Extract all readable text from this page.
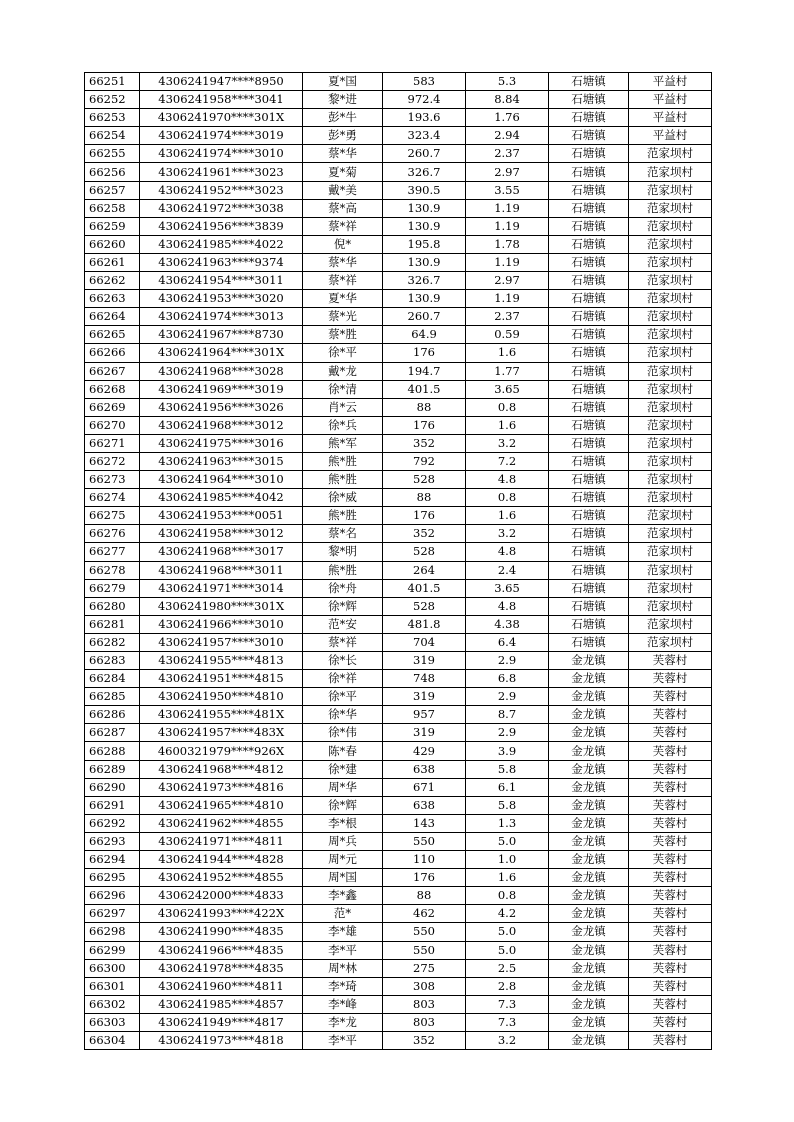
66251	4306241947****8950	夏*国	583	5.3	石塘镇	平益村
66252	4306241958****3041	黎*进	972.4	8.84	石塘镇	平益村
66253	4306241970****301X	彭*牛	193.6	1.76	石塘镇	平益村
66254	4306241974****3019	彭*勇	323.4	2.94	石塘镇	平益村
66255	4306241974****3010	蔡*华	260.7	2.37	石塘镇	范家坝村
66256	4306241961****3023	夏*菊	326.7	2.97	石塘镇	范家坝村
66257	4306241952****3023	戴*美	390.5	3.55	石塘镇	范家坝村
66258	4306241972****3038	蔡*高	130.9	1.19	石塘镇	范家坝村
66259	4306241956****3839	蔡*祥	130.9	1.19	石塘镇	范家坝村
66260	4306241985****4022	倪*	195.8	1.78	石塘镇	范家坝村
66261	4306241963****9374	蔡*华	130.9	1.19	石塘镇	范家坝村
66262	4306241954****3011	蔡*祥	326.7	2.97	石塘镇	范家坝村
66263	4306241953****3020	夏*华	130.9	1.19	石塘镇	范家坝村
66264	4306241974****3013	蔡*光	260.7	2.37	石塘镇	范家坝村
66265	4306241967****8730	蔡*胜	64.9	0.59	石塘镇	范家坝村
66266	4306241964****301X	徐*平	176	1.6	石塘镇	范家坝村
66267	4306241968****3028	戴*龙	194.7	1.77	石塘镇	范家坝村
66268	4306241969****3019	徐*清	401.5	3.65	石塘镇	范家坝村
66269	4306241956****3026	肖*云	88	0.8	石塘镇	范家坝村
66270	4306241968****3012	徐*兵	176	1.6	石塘镇	范家坝村
66271	4306241975****3016	熊*军	352	3.2	石塘镇	范家坝村
66272	4306241963****3015	熊*胜	792	7.2	石塘镇	范家坝村
66273	4306241964****3010	熊*胜	528	4.8	石塘镇	范家坝村
66274	4306241985****4042	徐*威	88	0.8	石塘镇	范家坝村
66275	4306241953****0051	熊*胜	176	1.6	石塘镇	范家坝村
66276	4306241958****3012	蔡*名	352	3.2	石塘镇	范家坝村
66277	4306241968****3017	黎*明	528	4.8	石塘镇	范家坝村
66278	4306241968****3011	熊*胜	264	2.4	石塘镇	范家坝村
66279	4306241971****3014	徐*舟	401.5	3.65	石塘镇	范家坝村
66280	4306241980****301X	徐*辉	528	4.8	石塘镇	范家坝村
66281	4306241966****3010	范*安	481.8	4.38	石塘镇	范家坝村
66282	4306241957****3010	蔡*祥	704	6.4	石塘镇	范家坝村
66283	4306241955****4813	徐*长	319	2.9	金龙镇	芙蓉村
66284	4306241951****4815	徐*祥	748	6.8	金龙镇	芙蓉村
66285	4306241950****4810	徐*平	319	2.9	金龙镇	芙蓉村
66286	4306241955****481X	徐*华	957	8.7	金龙镇	芙蓉村
66287	4306241957****483X	徐*伟	319	2.9	金龙镇	芙蓉村
66288	4600321979****926X	陈*春	429	3.9	金龙镇	芙蓉村
66289	4306241968****4812	徐*建	638	5.8	金龙镇	芙蓉村
66290	4306241973****4816	周*华	671	6.1	金龙镇	芙蓉村
66291	4306241965****4810	徐*辉	638	5.8	金龙镇	芙蓉村
66292	4306241962****4855	李*根	143	1.3	金龙镇	芙蓉村
66293	4306241971****4811	周*兵	550	5.0	金龙镇	芙蓉村
66294	4306241944****4828	周*元	110	1.0	金龙镇	芙蓉村
66295	4306241952****4855	周*国	176	1.6	金龙镇	芙蓉村
66296	4306242000****4833	李*鑫	88	0.8	金龙镇	芙蓉村
66297	4306241993****422X	范*	462	4.2	金龙镇	芙蓉村
66298	4306241990****4835	李*雄	550	5.0	金龙镇	芙蓉村
66299	4306241966****4835	李*平	550	5.0	金龙镇	芙蓉村
66300	4306241978****4835	周*林	275	2.5	金龙镇	芙蓉村
66301	4306241960****4811	李*琦	308	2.8	金龙镇	芙蓉村
66302	4306241985****4857	李*峰	803	7.3	金龙镇	芙蓉村
66303	4306241949****4817	李*龙	803	7.3	金龙镇	芙蓉村
66304	4306241973****4818	李*平	352	3.2	金龙镇	芙蓉村
